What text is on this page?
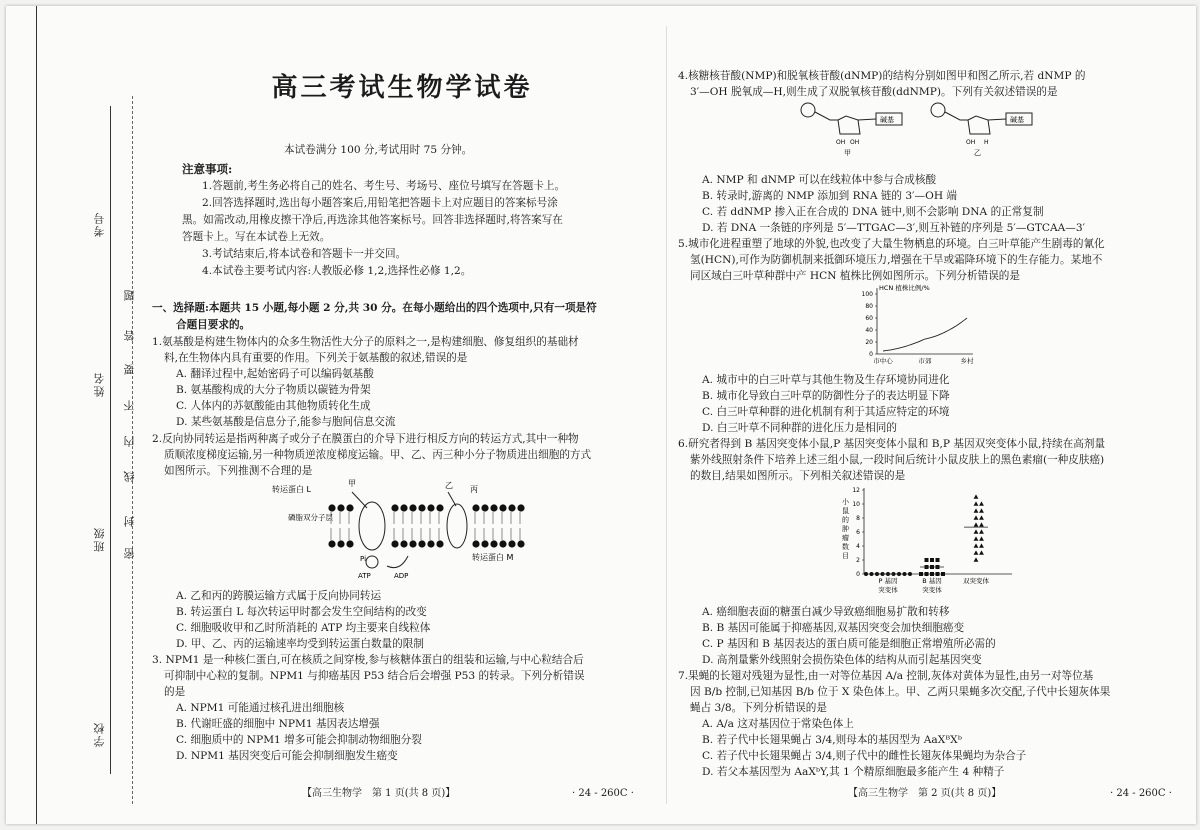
考号
姓名
班级
学校
题
答
要
不
内
线
封
密
高三考试生物学试卷
本试卷满分 100 分,考试用时 75 分钟。
注意事项:
1.答题前,考生务必将自己的姓名、考生号、考场号、座位号填写在答题卡上。
2.回答选择题时,选出每小题答案后,用铅笔把答题卡上对应题目的答案标号涂
黑。如需改动,用橡皮擦干净后,再选涂其他答案标号。回答非选择题时,将答案写在
答题卡上。写在本试卷上无效。
3.考试结束后,将本试卷和答题卡一并交回。
4.本试卷主要考试内容:人教版必修 1,2,选择性必修 1,2。
一、选择题:本题共 15 小题,每小题 2 分,共 30 分。在每小题给出的四个选项中,只有一项是符
合题目要求的。
1.氨基酸是构建生物体内的众多生物活性大分子的原料之一,是构建细胞、修复组织的基础材
料,在生物体内具有重要的作用。下列关于氨基酸的叙述,错误的是
A. 翻译过程中,起始密码子可以编码氨基酸
B. 氨基酸构成的大分子物质以碳链为骨架
C. 人体内的苏氨酸能由其他物质转化生成
D. 某些氨基酸是信息分子,能参与胞间信息交流
2.反向协同转运是指两种离子或分子在膜蛋白的介导下进行相反方向的转运方式,其中一种物
质顺浓度梯度运输,另一种物质逆浓度梯度运输。甲、乙、丙三种小分子物质进出细胞的方式
如图所示。下列推测不合理的是
转运蛋白 L
甲	乙 丙
磷脂双分子层
转运蛋白 M
Pi
ATP	ADP
A. 乙和丙的跨膜运输方式属于反向协同转运
B. 转运蛋白 L 每次转运甲时都会发生空间结构的改变
C. 细胞吸收甲和乙时所消耗的 ATP 均主要来自线粒体
D. 甲、乙、丙的运输速率均受到转运蛋白数量的限制
3. NPM1 是一种核仁蛋白,可在核质之间穿梭,参与核糖体蛋白的组装和运输,与中心粒结合后
可抑制中心粒的复制。NPM1 与抑癌基因 P53 结合后会增强 P53 的转录。下列分析错误
的是
A. NPM1 可能通过核孔进出细胞核
B. 代谢旺盛的细胞中 NPM1 基因表达增强
C. 细胞质中的 NPM1 增多可能会抑制动物细胞分裂
D. NPM1 基因突变后可能会抑制细胞发生癌变
【高三生物学　第 1 页(共 8 页)】	· 24 - 260C ·
4.核糖核苷酸(NMP)和脱氧核苷酸(dNMP)的结构分别如图甲和图乙所示,若 dNMP 的
3′—OH 脱氧成—H,则生成了双脱氧核苷酸(ddNMP)。下列有关叙述错误的是
碱基
OH OH
甲
碱基
OH H
乙
A. NMP 和 dNMP 可以在线粒体中参与合成核酸
B. 转录时,游离的 NMP 添加到 RNA 链的 3′—OH 端
C. 若 ddNMP 掺入正在合成的 DNA 链中,则不会影响 DNA 的正常复制
D. 若 DNA 一条链的序列是 5′—TTGAC—3′,则互补链的序列是 5′—GTCAA—3′
5.城市化进程重塑了地球的外貌,也改变了大量生物栖息的环境。白三叶草能产生剧毒的氰化
氢(HCN),可作为防御机制来抵御环境压力,增强在干旱或霜降环境下的生存能力。某地不
同区域白三叶草种群中产 HCN 植株比例如图所示。下列分析错误的是
HCN 植株比例/%
0
20
40
60
80
100
市中心	市郊	乡村
A. 城市中的白三叶草与其他生物及生存环境协同进化
B. 城市化导致白三叶草的防御性分子的表达明显下降
C. 白三叶草种群的进化机制有利于其适应特定的环境
D. 白三叶草不同种群的进化压力是相同的
6.研究者得到 B 基因突变体小鼠,P 基因突变体小鼠和 B,P 基因双突变体小鼠,持续在高剂量
紫外线照射条件下培养上述三组小鼠,一段时间后统计小鼠皮肤上的黑色素瘤(一种皮肤癌)
的数目,结果如图所示。下列相关叙述错误的是
小
鼠
的
肿
瘤
数
目
0
2
4
6
8
10
12
P 基因
突变体
B 基因
突变体
双突变体
A. 癌细胞表面的糖蛋白减少导致癌细胞易扩散和转移
B. B 基因可能属于抑癌基因,双基因突变会加快细胞癌变
C. P 基因和 B 基因表达的蛋白质可能是细胞正常增殖所必需的
D. 高剂量紫外线照射会损伤染色体的结构从而引起基因突变
7.果蝇的长翅对残翅为显性,由一对等位基因 A/a 控制,灰体对黄体为显性,由另一对等位基
因 B/b 控制,已知基因 B/b 位于 X 染色体上。甲、乙两只果蝇多次交配,子代中长翅灰体果
蝇占 3/8。下列分析错误的是
A. A/a 这对基因位于常染色体上
B. 若子代中长翅果蝇占 3/4,则母本的基因型为 AaXᴮXᵇ
C. 若子代中长翅果蝇占 3/4,则子代中的雌性长翅灰体果蝇均为杂合子
D. 若父本基因型为 AaXᵇY,其 1 个精原细胞最多能产生 4 种精子
【高三生物学　第 2 页(共 8 页)】	· 24 - 260C ·
